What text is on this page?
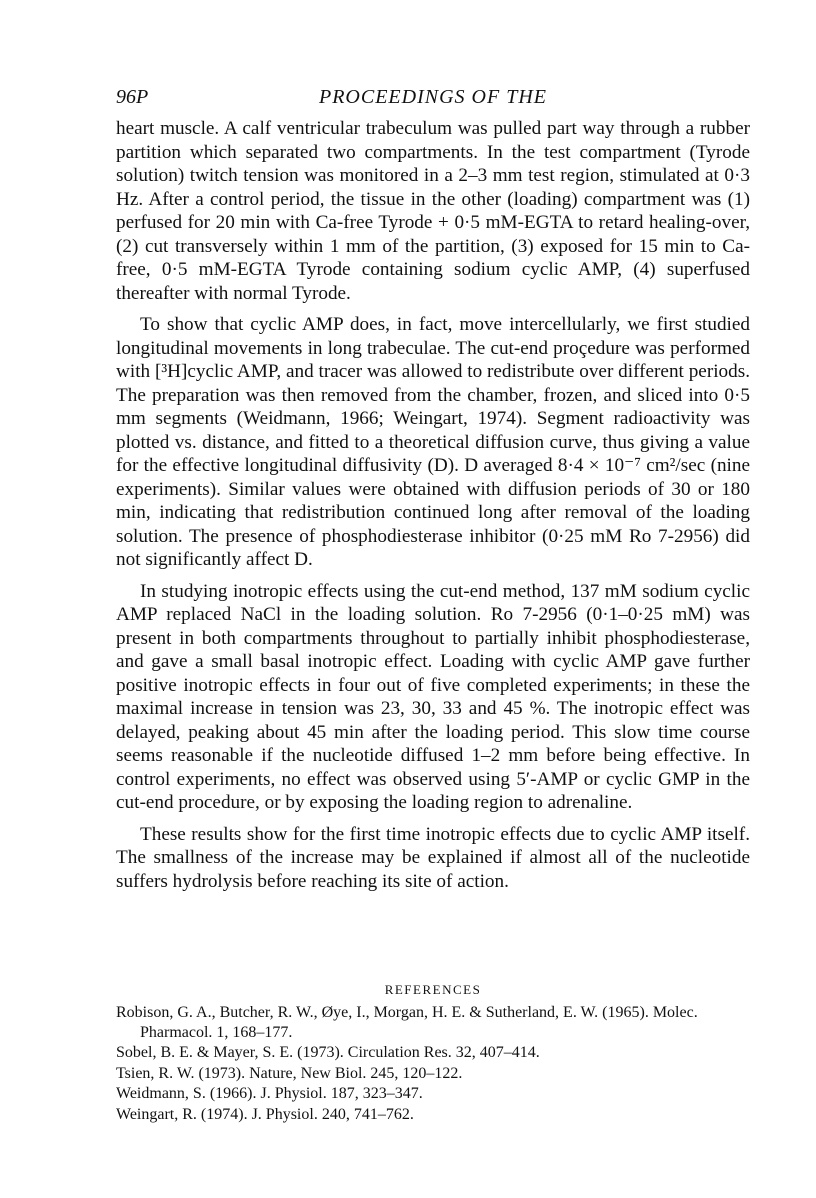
96P	PROCEEDINGS OF THE

heart muscle. A calf ventricular trabeculum was pulled part way through a rubber partition which separated two compartments. In the test compartment (Tyrode solution) twitch tension was monitored in a 2–3 mm test region, stimulated at 0·3 Hz. After a control period, the tissue in the other (loading) compartment was (1) perfused for 20 min with Ca-free Tyrode + 0·5 mM-EGTA to retard healing-over, (2) cut transversely within 1 mm of the partition, (3) exposed for 15 min to Ca-free, 0·5 mM-EGTA Tyrode containing sodium cyclic AMP, (4) superfused thereafter with normal Tyrode.

To show that cyclic AMP does, in fact, move intercellularly, we first studied longitudinal movements in long trabeculae. The cut-end proçedure was performed with [³H]cyclic AMP, and tracer was allowed to redistribute over different periods. The preparation was then removed from the chamber, frozen, and sliced into 0·5 mm segments (Weidmann, 1966; Weingart, 1974). Segment radioactivity was plotted vs. distance, and fitted to a theoretical diffusion curve, thus giving a value for the effective longitudinal diffusivity (D). D averaged 8·4 × 10⁻⁷ cm²/sec (nine experiments). Similar values were obtained with diffusion periods of 30 or 180 min, indicating that redistribution continued long after removal of the loading solution. The presence of phosphodiesterase inhibitor (0·25 mM Ro 7-2956) did not significantly affect D.

In studying inotropic effects using the cut-end method, 137 mM sodium cyclic AMP replaced NaCl in the loading solution. Ro 7-2956 (0·1–0·25 mM) was present in both compartments throughout to partially inhibit phosphodiesterase, and gave a small basal inotropic effect. Loading with cyclic AMP gave further positive inotropic effects in four out of five completed experiments; in these the maximal increase in tension was 23, 30, 33 and 45 %. The inotropic effect was delayed, peaking about 45 min after the loading period. This slow time course seems reasonable if the nucleotide diffused 1–2 mm before being effective. In control experiments, no effect was observed using 5′-AMP or cyclic GMP in the cut-end procedure, or by exposing the loading region to adrenaline.

These results show for the first time inotropic effects due to cyclic AMP itself. The smallness of the increase may be explained if almost all of the nucleotide suffers hydrolysis before reaching its site of action.

REFERENCES

Robison, G. A., Butcher, R. W., Øye, I., Morgan, H. E. & Sutherland, E. W. (1965). Molec. Pharmacol. 1, 168–177.

Sobel, B. E. & Mayer, S. E. (1973). Circulation Res. 32, 407–414.

Tsien, R. W. (1973). Nature, New Biol. 245, 120–122.

Weidmann, S. (1966). J. Physiol. 187, 323–347.

Weingart, R. (1974). J. Physiol. 240, 741–762.
